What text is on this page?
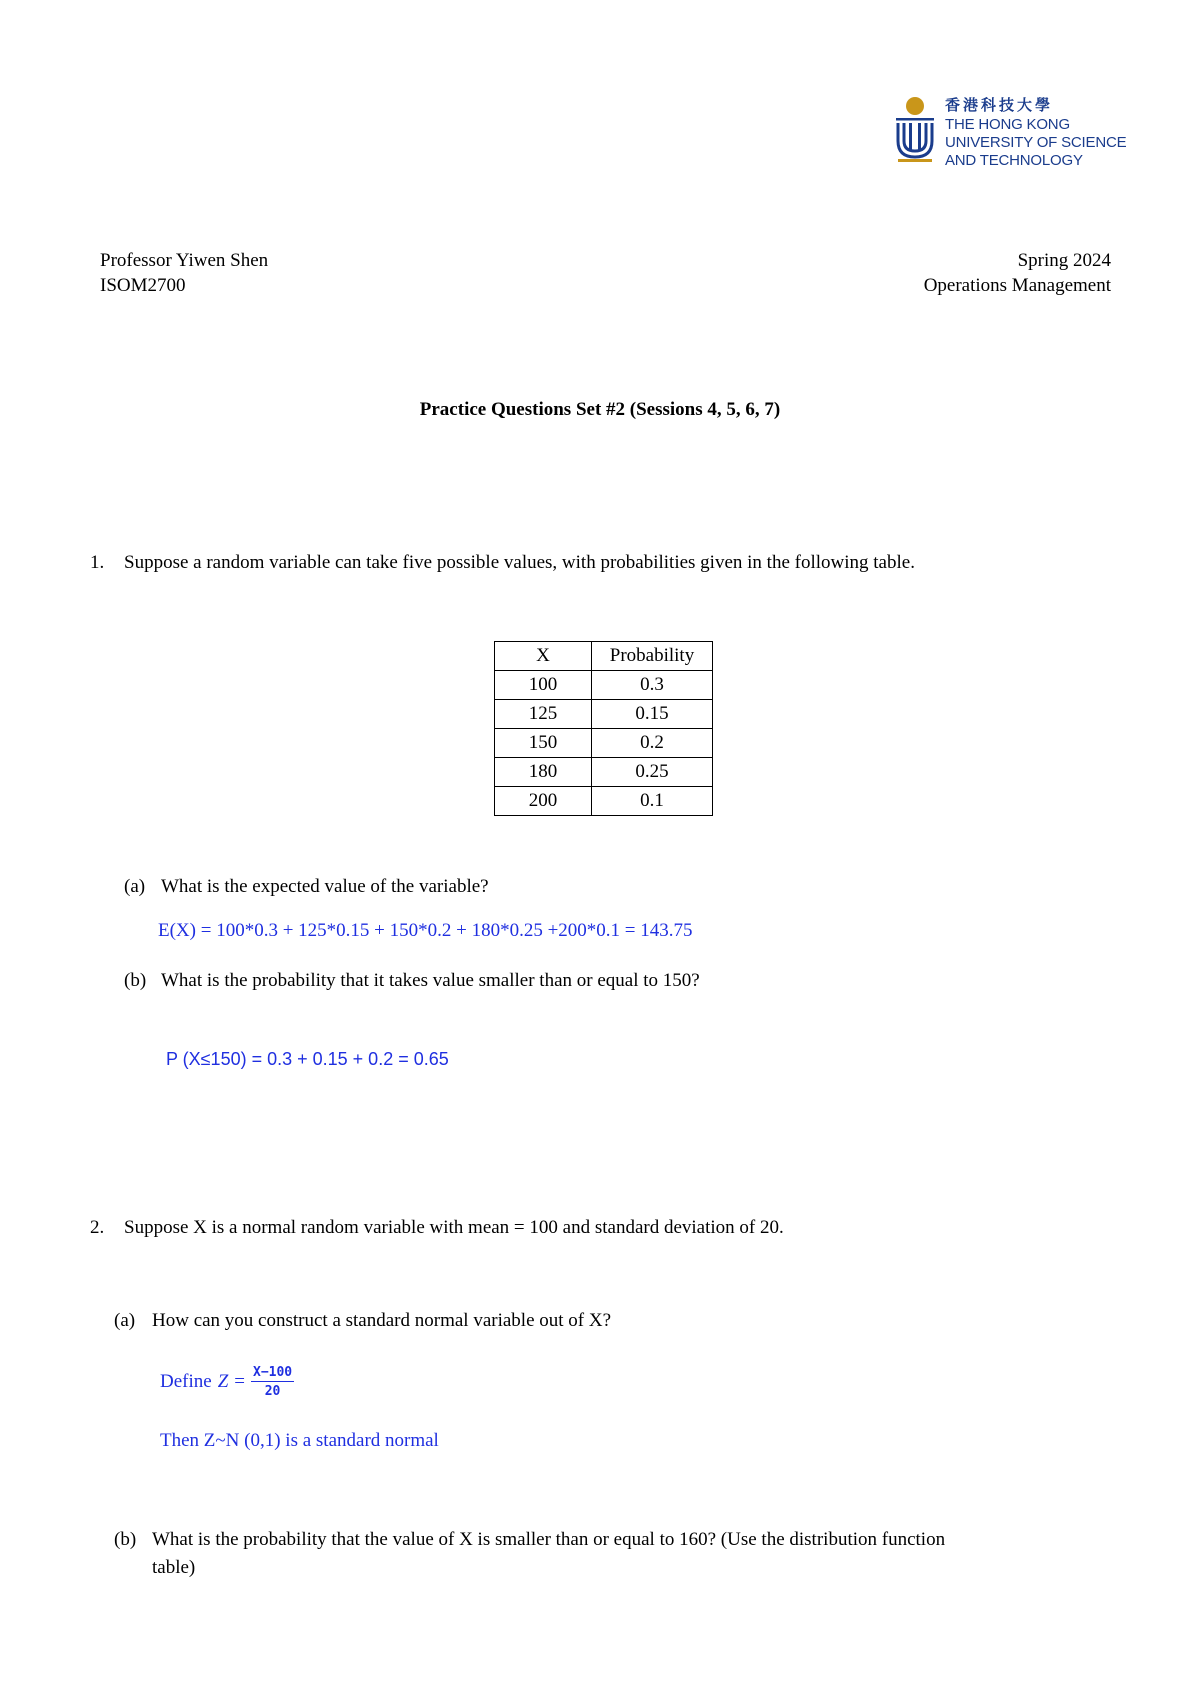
香港科技大學
THE HONG KONG
UNIVERSITY OF SCIENCE
AND TECHNOLOGY
Professor Yiwen Shen
ISOM2700
Spring 2024
Operations Management
Practice Questions Set #2 (Sessions 4, 5, 6, 7)
1. Suppose a random variable can take five possible values, with probabilities given in the following table.
X	Probability
100	0.3
125	0.15
150	0.2
180	0.25
200	0.1
(a) What is the expected value of the variable?
E(X) = 100*0.3 + 125*0.15 + 150*0.2 + 180*0.25 +200*0.1 = 143.75
(b) What is the probability that it takes value smaller than or equal to 150?
P (X≤150) = 0.3 + 0.15 + 0.2 = 0.65
2. Suppose X is a normal random variable with mean = 100 and standard deviation of 20.
(a) How can you construct a standard normal variable out of X?
Define $Z = \frac{X-100}{20}$
Then Z~N (0,1) is a standard normal
(b) What is the probability that the value of X is smaller than or equal to 160? (Use the distribution function
table)
